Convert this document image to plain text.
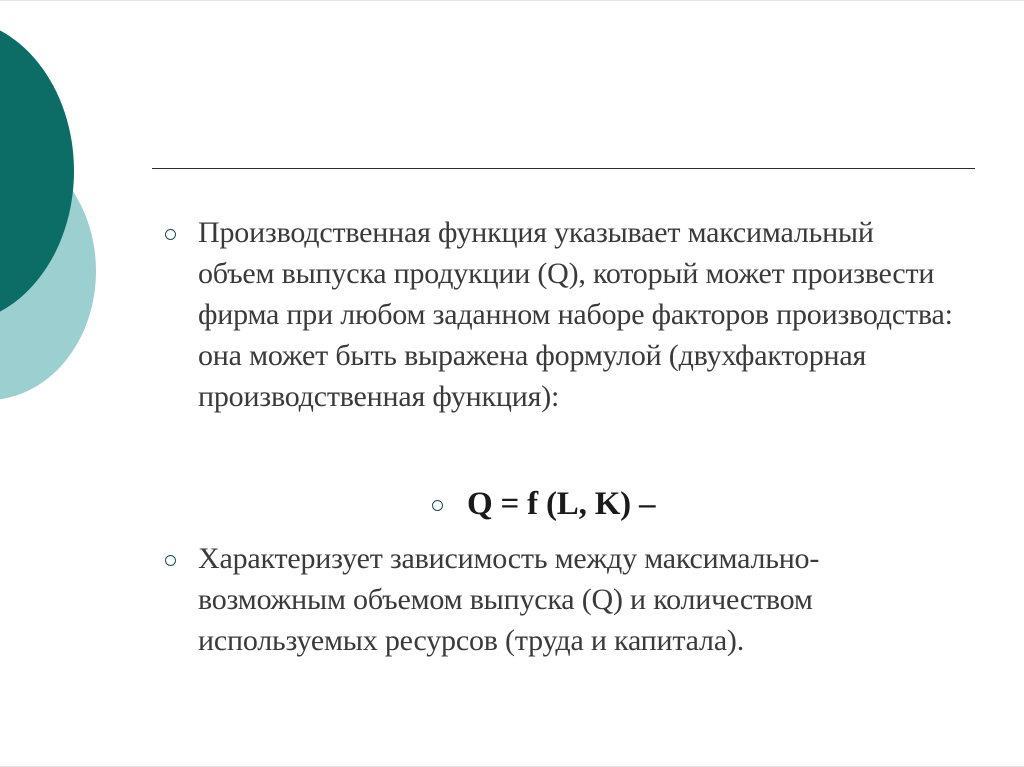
Производственная функция указывает максимальный объем выпуска продукции (Q), который может произвести фирма при любом заданном наборе факторов производства: она может быть выражена формулой (двухфакторная производственная функция):
Q = f (L, K) –
Характеризует зависимость между максимально-возможным объемом выпуска (Q) и количеством используемых ресурсов (труда и капитала).
